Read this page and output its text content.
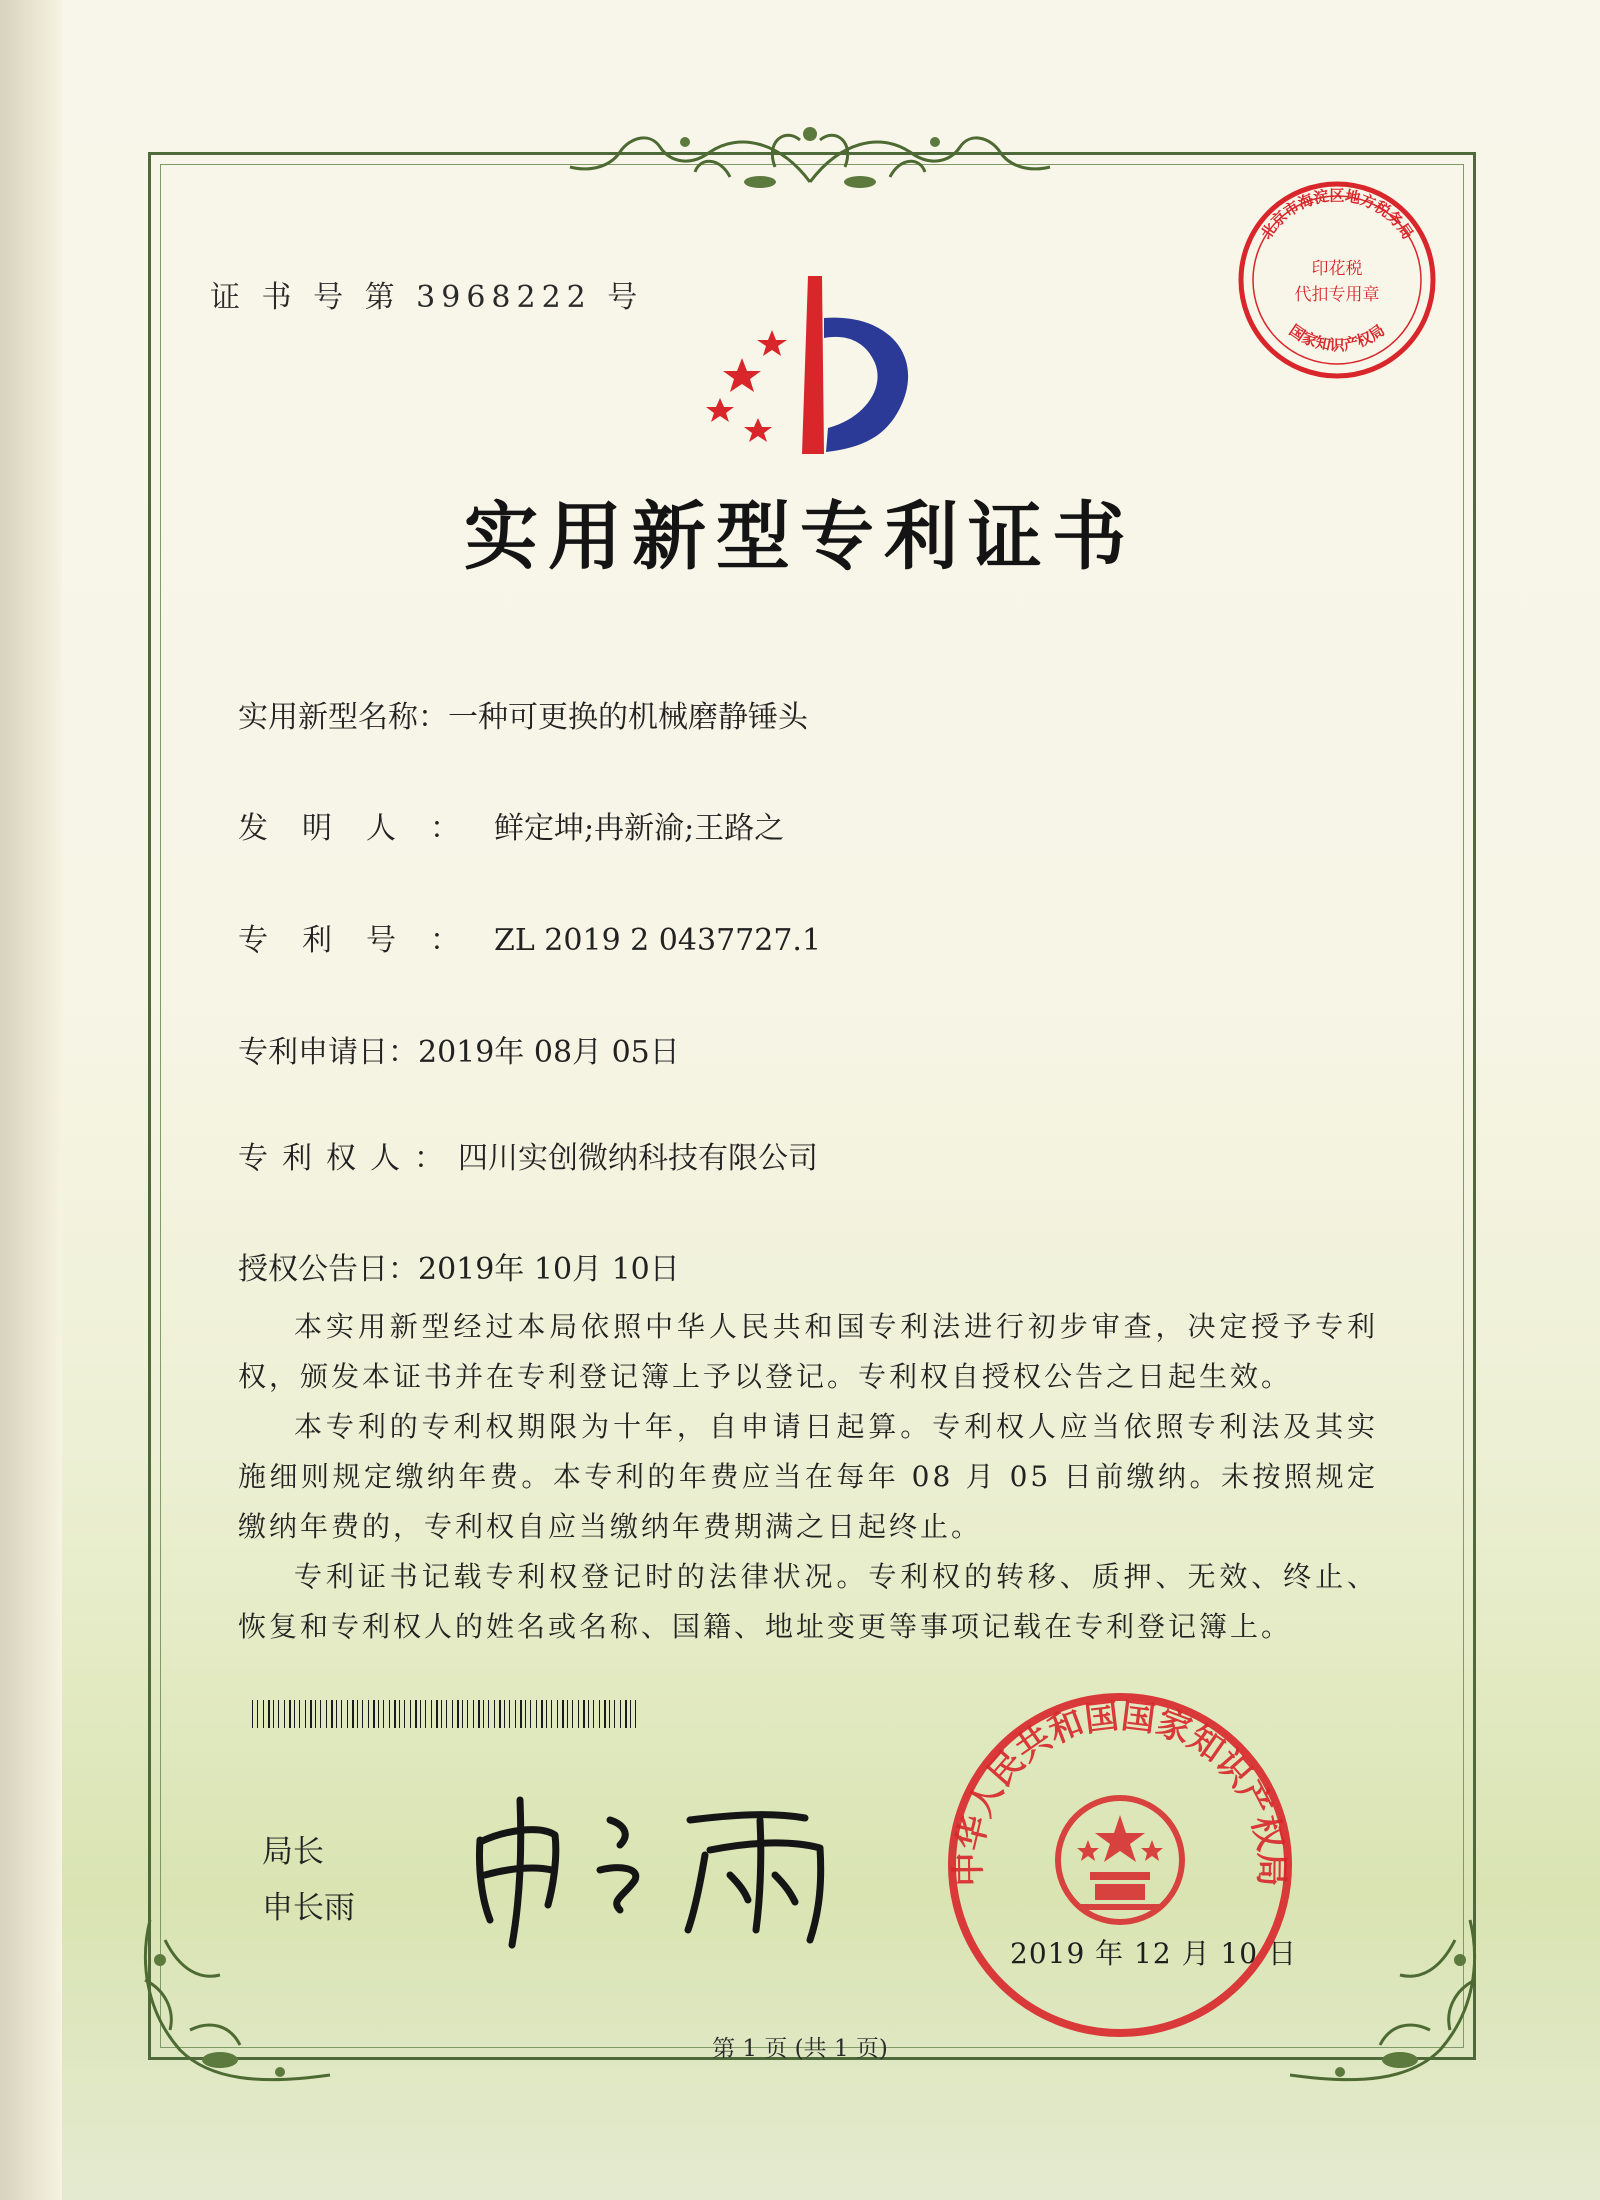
证 书 号 第 3968222 号
北京市海淀区地方税务局
国家知识产权局
印花税
代扣专用章
实用新型专利证书
实用新型名称：一种可更换的机械磨静锤头
发明人：鲜定坤;冉新渝;王路之
专利号：ZL 2019 2 0437727.1
专利申请日：2019年 08月 05日
专利权人：四川实创微纳科技有限公司
授权公告日：2019年 10月 10日

本实用新型经过本局依照中华人民共和国专利法进行初步审查，决定授予专利权，颁发本证书并在专利登记簿上予以登记。专利权自授权公告之日起生效。

本专利的专利权期限为十年，自申请日起算。专利权人应当依照专利法及其实施细则规定缴纳年费。本专利的年费应当在每年 08 月 05 日前缴纳。未按照规定缴纳年费的，专利权自应当缴纳年费期满之日起终止。

专利证书记载专利权登记时的法律状况。专利权的转移、质押、无效、终止、恢复和专利权人的姓名或名称、国籍、地址变更等事项记载在专利登记簿上。

局长
申长雨
中华人民共和国国家知识产权局
2019 年 12 月 10 日
第 1 页 (共 1 页)
